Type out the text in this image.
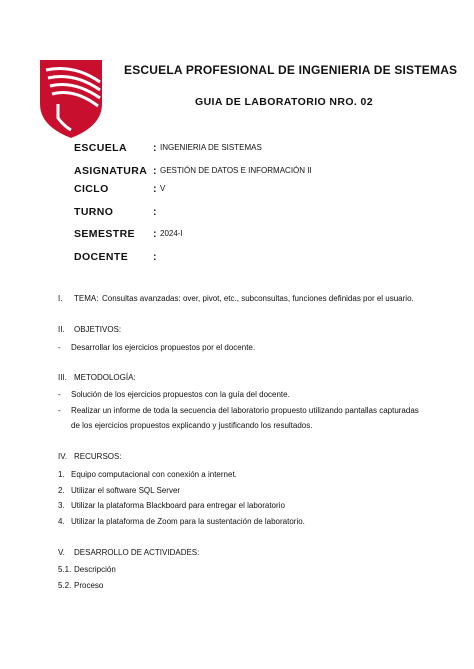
ESCUELA PROFESIONAL DE INGENIERIA DE SISTEMAS
GUIA DE LABORATORIO NRO. 02
ESCUELA : INGENIERIA DE SISTEMAS
ASIGNATURA : GESTIÓN DE DATOS E INFORMACIÓN II
CICLO	: V
TURNO	:
SEMESTRE : 2024-I
DOCENTE :
I. TEMA: Consultas avanzadas: over, pivot, etc., subconsultas, funciones definidas por el usuario.
II. OBJETIVOS:
- Desarrollar los ejercicios propuestos por el docente.
III. METODOLOGÍA:
- Solución de los ejercicios propuestos con la guía del docente.
- Realizar un informe de toda la secuencia del laboratorio propuesto utilizando pantallas capturadas
de los ejercicios propuestos explicando y justificando los resultados.
IV. RECURSOS:
1. Equipo computacional con conexión a internet.
2. Utilizar el software SQL Server
3. Utilizar la plataforma Blackboard para entregar el laboratorio
4. Utilizar la plataforma de Zoom para la sustentación de laboratorio.
V. DESARROLLO DE ACTIVIDADES:
5.1. Descripción
5.2. Proceso
